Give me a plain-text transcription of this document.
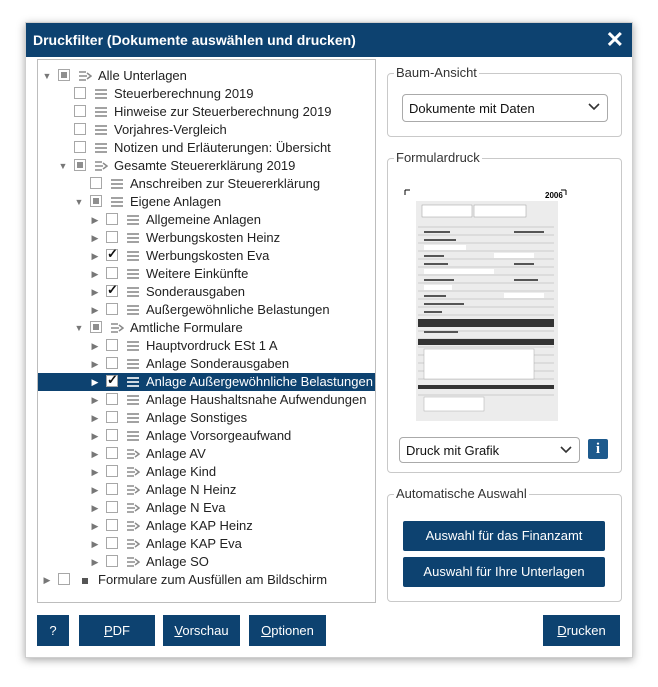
Druckfilter (Dokumente auswählen und drucken)	✕
▼	Alle Unterlagen
Steuerberechnung 2019
Hinweise zur Steuerberechnung 2019
Vorjahres-Vergleich
Notizen und Erläuterungen: Übersicht
▼	Gesamte Steuererklärung 2019
Anschreiben zur Steuererklärung
▼	Eigene Anlagen
▶	Allgemeine Anlagen
▶	Werbungskosten Heinz
▶ ✓ Werbungskosten Eva
▶	Weitere Einkünfte
▶ ✓ Sonderausgaben
▶	Außergewöhnliche Belastungen
▼	Amtliche Formulare
▶	Hauptvordruck ESt 1 A
▶	Anlage Sonderausgaben
▶ ✓ Anlage Außergewöhnliche Belastungen
▶	Anlage Haushaltsnahe Aufwendungen
▶	Anlage Sonstiges
▶	Anlage Vorsorgeaufwand
▶	Anlage AV
▶	Anlage Kind
▶	Anlage N Heinz
▶	Anlage N Eva
▶	Anlage KAP Heinz
▶	Anlage KAP Eva
▶	Anlage SO
▶	Formulare zum Ausfüllen am Bildschirm
Baum-Ansicht
Dokumente mit Daten
Formulardruck
2006
Druck mit Grafik	i
Automatische Auswahl
Auswahl für das Finanzamt
Auswahl für Ihre Unterlagen
?	PDF	Vorschau	Optionen	Drucken
